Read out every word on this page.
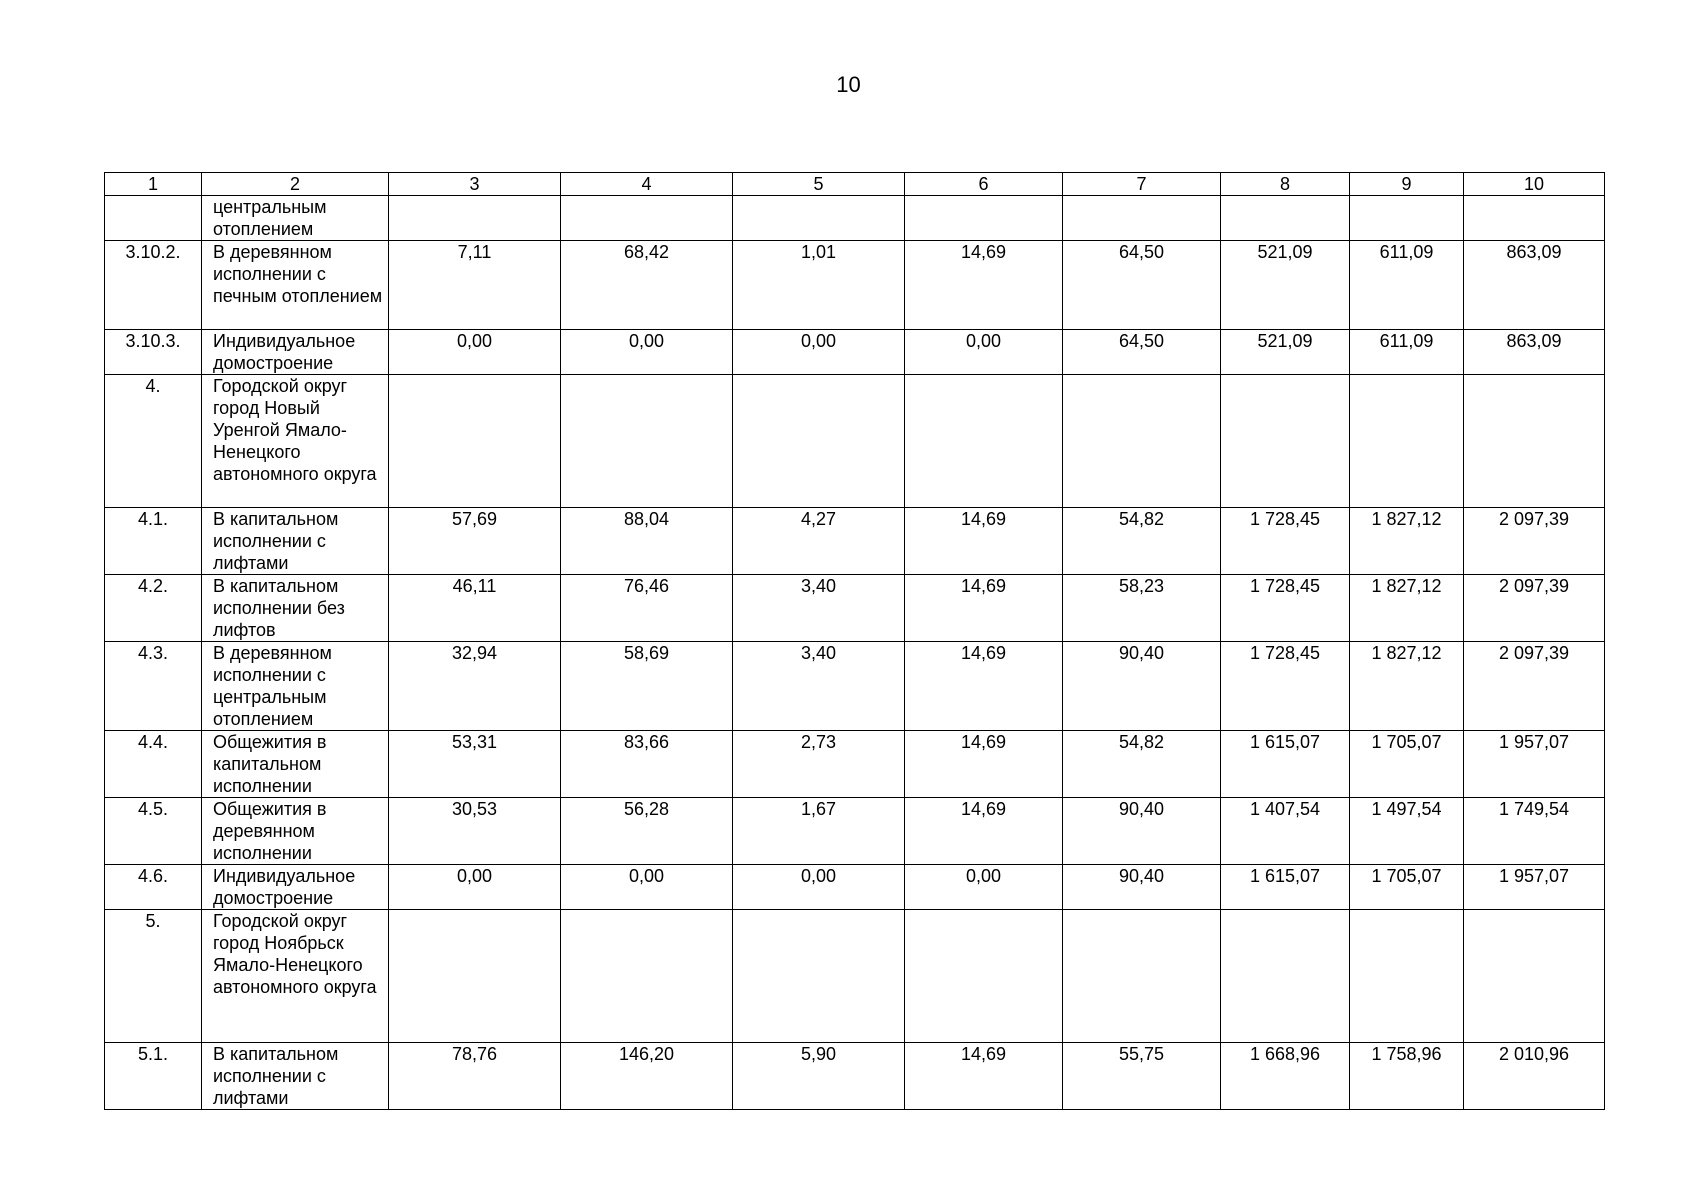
10
1	2	3	4	5	6	7	8	9	10
	центральным отоплением								
3.10.2.	В деревянном исполнении с печным отоплением	7,11	68,42	1,01	14,69	64,50	521,09	611,09	863,09
3.10.3.	Индивидуальное домостроение	0,00	0,00	0,00	0,00	64,50	521,09	611,09	863,09
4.	Городской округ город Новый Уренгой Ямало-Ненецкого автономного округа								
4.1.	В капитальном исполнении с лифтами	57,69	88,04	4,27	14,69	54,82	1 728,45	1 827,12	2 097,39
4.2.	В капитальном исполнении без лифтов	46,11	76,46	3,40	14,69	58,23	1 728,45	1 827,12	2 097,39
4.3.	В деревянном исполнении с центральным отоплением	32,94	58,69	3,40	14,69	90,40	1 728,45	1 827,12	2 097,39
4.4.	Общежития в капитальном исполнении	53,31	83,66	2,73	14,69	54,82	1 615,07	1 705,07	1 957,07
4.5.	Общежития в деревянном исполнении	30,53	56,28	1,67	14,69	90,40	1 407,54	1 497,54	1 749,54
4.6.	Индивидуальное домостроение	0,00	0,00	0,00	0,00	90,40	1 615,07	1 705,07	1 957,07
5.	Городской округ город Ноябрьск Ямало-Ненецкого автономного округа								
5.1.	В капитальном исполнении с лифтами	78,76	146,20	5,90	14,69	55,75	1 668,96	1 758,96	2 010,96
